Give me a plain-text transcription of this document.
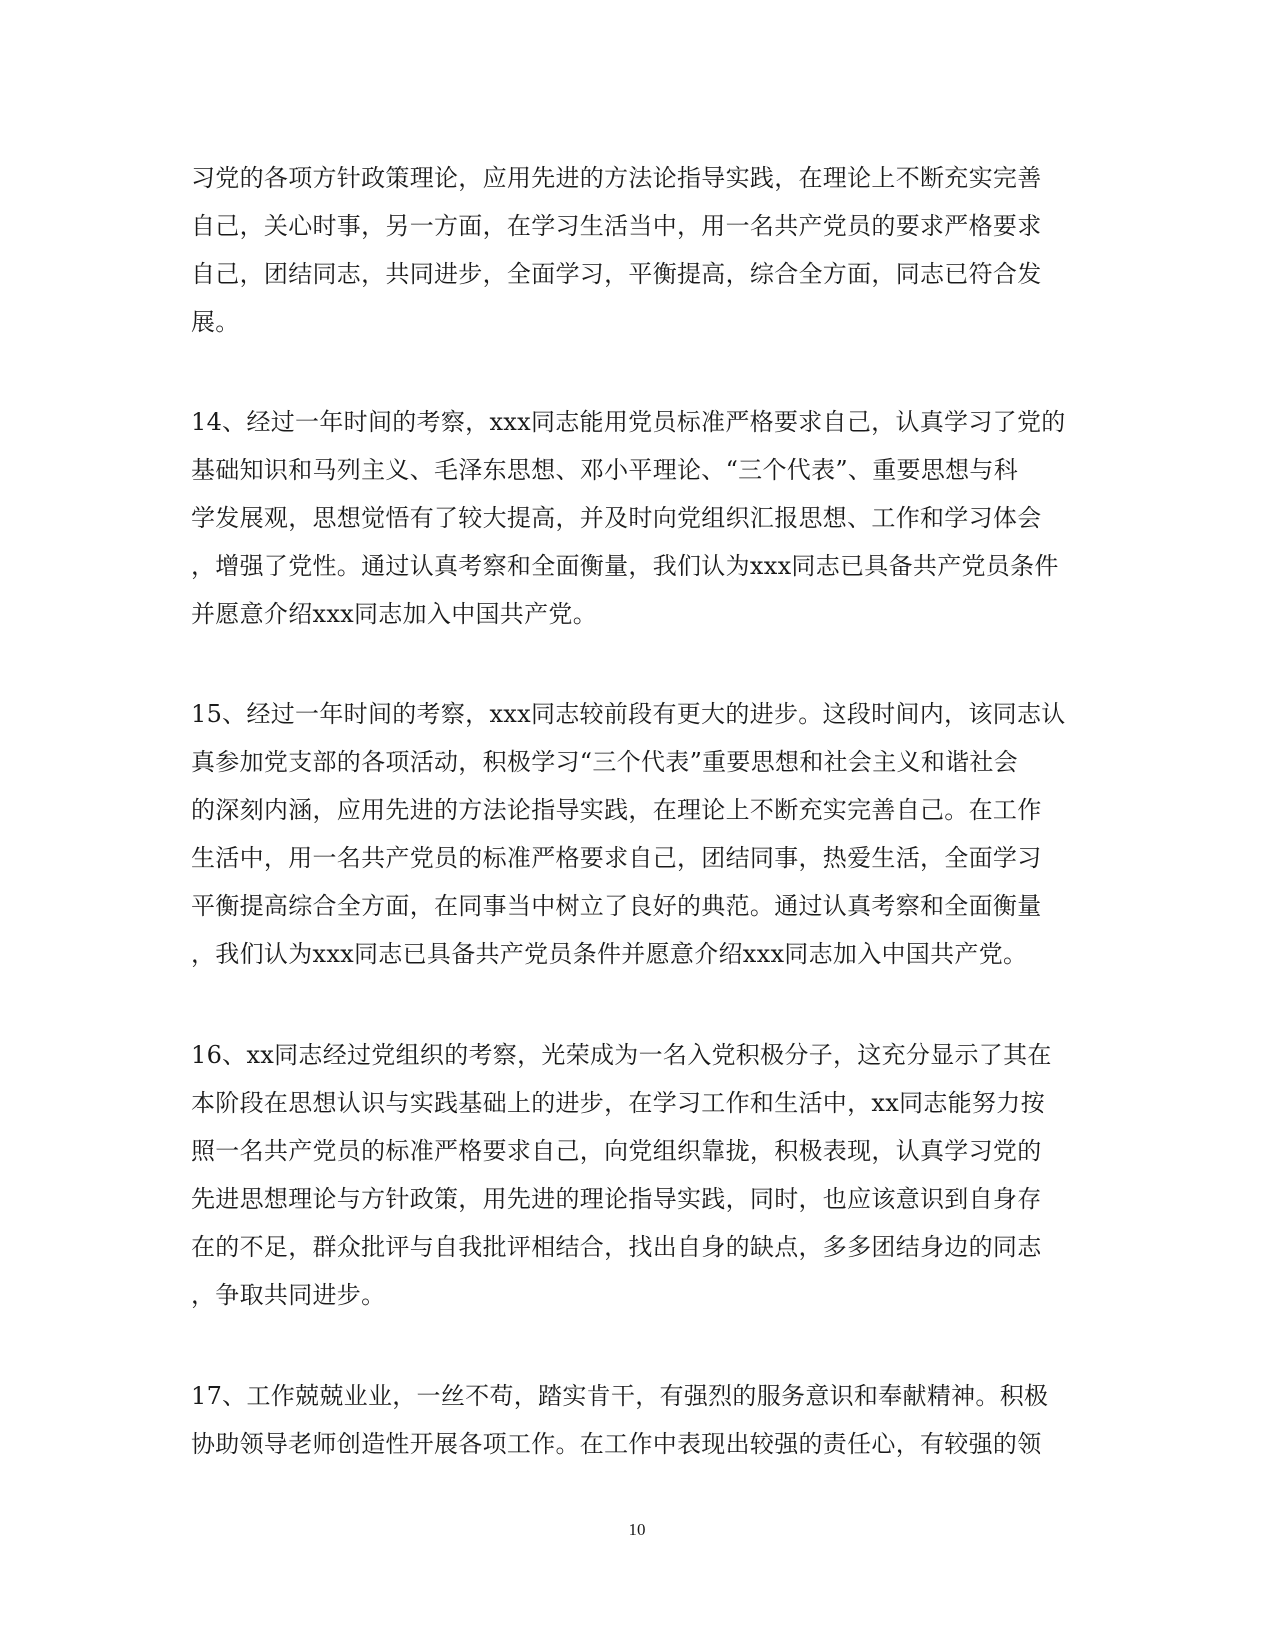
习党的各项方针政策理论，应用先进的方法论指导实践，在理论上不断充实完善
自己，关心时事，另一方面，在学习生活当中，用一名共产党员的要求严格要求
自己，团结同志，共同进步，全面学习，平衡提高，综合全方面，同志已符合发
展。
14、经过一年时间的考察，xxx同志能用党员标准严格要求自己，认真学习了党的
基础知识和马列主义、毛泽东思想、邓小平理论、“三个代表”、重要思想与科
学发展观，思想觉悟有了较大提高，并及时向党组织汇报思想、工作和学习体会
，增强了党性。通过认真考察和全面衡量，我们认为xxx同志已具备共产党员条件
并愿意介绍xxx同志加入中国共产党。
15、经过一年时间的考察，xxx同志较前段有更大的进步。这段时间内，该同志认
真参加党支部的各项活动，积极学习“三个代表”重要思想和社会主义和谐社会
的深刻内涵，应用先进的方法论指导实践，在理论上不断充实完善自己。在工作
生活中，用一名共产党员的标准严格要求自己，团结同事，热爱生活，全面学习
平衡提高综合全方面，在同事当中树立了良好的典范。通过认真考察和全面衡量
，我们认为xxx同志已具备共产党员条件并愿意介绍xxx同志加入中国共产党。
16、xx同志经过党组织的考察，光荣成为一名入党积极分子，这充分显示了其在
本阶段在思想认识与实践基础上的进步，在学习工作和生活中，xx同志能努力按
照一名共产党员的标准严格要求自己，向党组织靠拢，积极表现，认真学习党的
先进思想理论与方针政策，用先进的理论指导实践，同时，也应该意识到自身存
在的不足，群众批评与自我批评相结合，找出自身的缺点，多多团结身边的同志
，争取共同进步。
17、工作兢兢业业，一丝不苟，踏实肯干，有强烈的服务意识和奉献精神。积极
协助领导老师创造性开展各项工作。在工作中表现出较强的责任心，有较强的领
10
